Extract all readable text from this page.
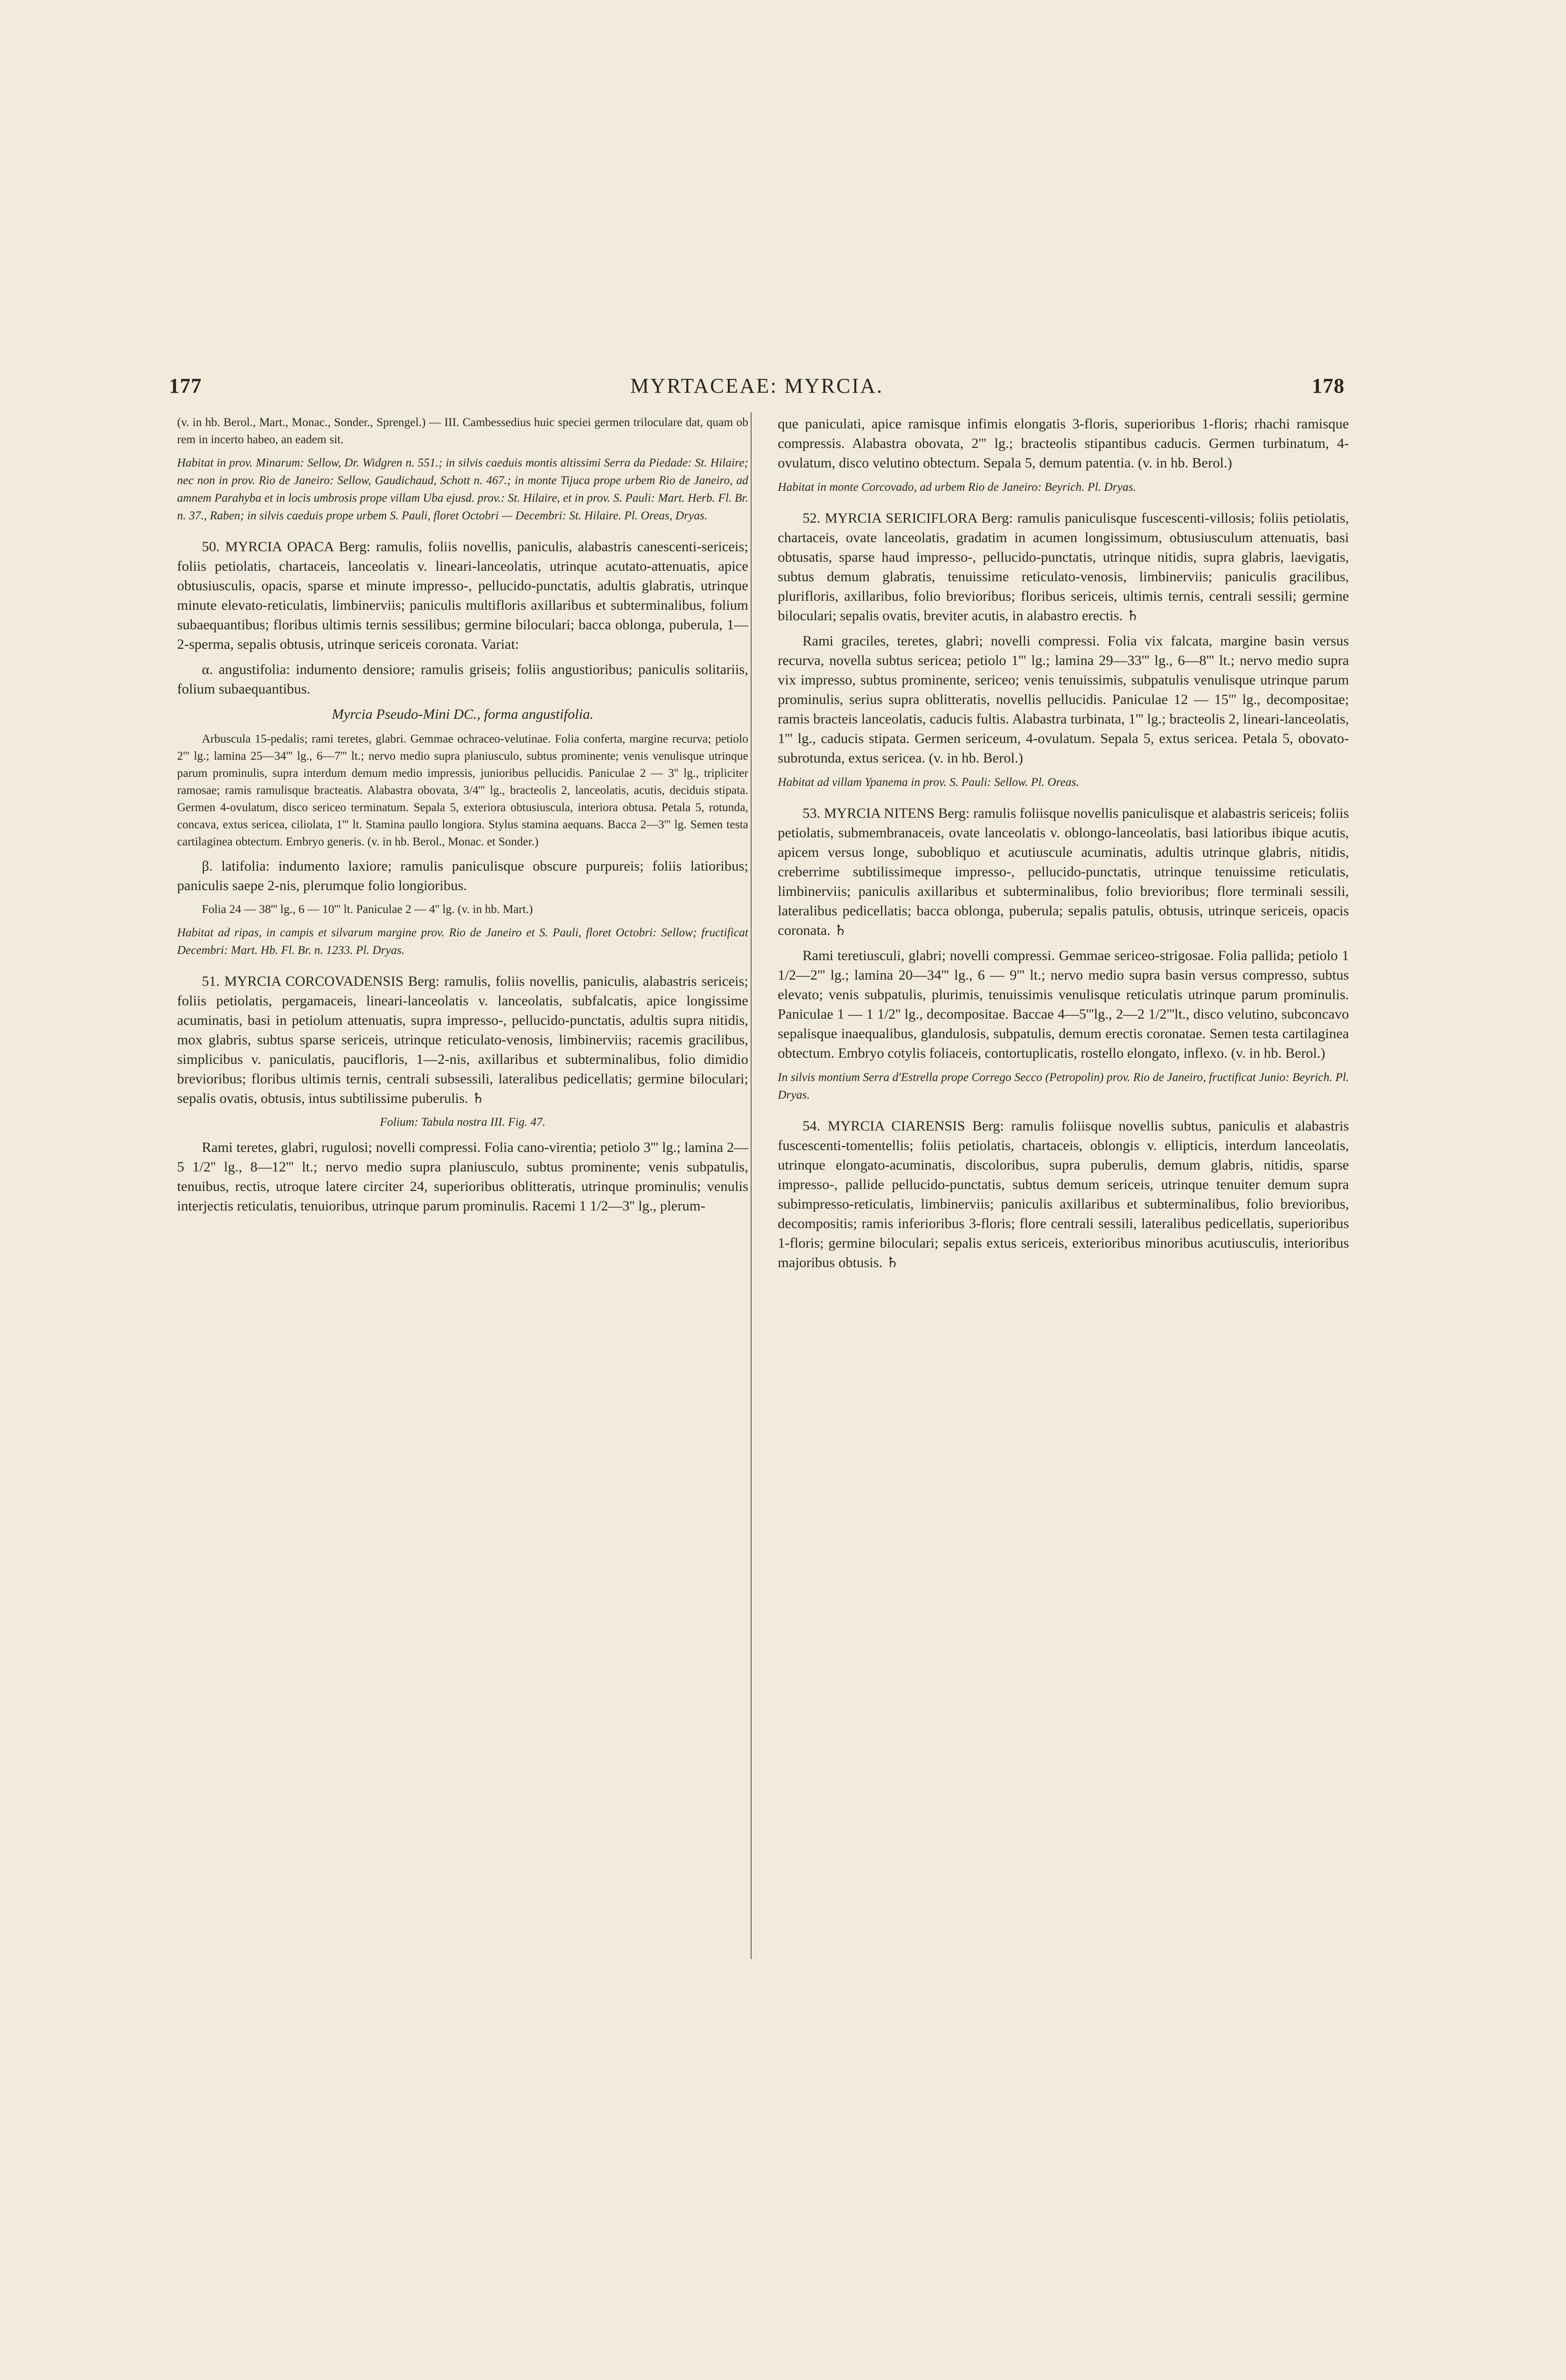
177	MYRTACEAE: MYRCIA.	178

(v. in hb. Berol., Mart., Monac., Sonder., Sprengel.) — III. Cambessedius huic speciei germen triloculare dat, quam ob rem in incerto habeo, an eadem sit.

Habitat in prov. Minarum: Sellow, Dr. Widgren n. 551.; in silvis caeduis montis altissimi Serra da Piedade: St. Hilaire; nec non in prov. Rio de Janeiro: Sellow, Gaudichaud, Schott n. 467.; in monte Tijuca prope urbem Rio de Janeiro, ad amnem Parahyba et in locis umbrosis prope villam Uba ejusd. prov.: St. Hilaire, et in prov. S. Pauli: Mart. Herb. Fl. Br. n. 37., Raben; in silvis caeduis prope urbem S. Pauli, floret Octobri — Decembri: St. Hilaire. Pl. Oreas, Dryas.

50. MYRCIA OPACA Berg: ramulis, foliis novellis, paniculis, alabastris canescenti-sericeis; foliis petiolatis, chartaceis, lanceolatis v. lineari-lanceolatis, utrinque acutato-attenuatis, apice obtusiusculis, opacis, sparse et minute impresso-, pellucido-punctatis, adultis glabratis, utrinque minute elevato-reticulatis, limbinerviis; paniculis multifloris axillaribus et subterminalibus, folium subaequantibus; floribus ultimis ternis sessilibus; germine biloculari; bacca oblonga, puberula, 1—2-sperma, sepalis obtusis, utrinque sericeis coronata. Variat:

α. angustifolia: indumento densiore; ramulis griseis; foliis angustioribus; paniculis solitariis, folium subaequantibus.

Myrcia Pseudo-Mini DC., forma angustifolia.

Arbuscula 15-pedalis; rami teretes, glabri. Gemmae ochraceo-velutinae. Folia conferta, margine recurva; petiolo 2''' lg.; lamina 25—34''' lg., 6—7''' lt.; nervo medio supra planiusculo, subtus prominente; venis venulisque utrinque parum prominulis, supra interdum demum medio impressis, junioribus pellucidis. Paniculae 2 — 3'' lg., tripliciter ramosae; ramis ramulisque bracteatis. Alabastra obovata, 3/4''' lg., bracteolis 2, lanceolatis, acutis, deciduis stipata. Germen 4-ovulatum, disco sericeo terminatum. Sepala 5, exteriora obtusiuscula, interiora obtusa. Petala 5, rotunda, concava, extus sericea, ciliolata, 1''' lt. Stamina paullo longiora. Stylus stamina aequans. Bacca 2—3''' lg. Semen testa cartilaginea obtectum. Embryo generis. (v. in hb. Berol., Monac. et Sonder.)

β. latifolia: indumento laxiore; ramulis paniculisque obscure purpureis; foliis latioribus; paniculis saepe 2-nis, plerumque folio longioribus.

Folia 24 — 38''' lg., 6 — 10''' lt. Paniculae 2 — 4'' lg. (v. in hb. Mart.)

Habitat ad ripas, in campis et silvarum margine prov. Rio de Janeiro et S. Pauli, floret Octobri: Sellow; fructificat Decembri: Mart. Hb. Fl. Br. n. 1233. Pl. Dryas.

51. MYRCIA CORCOVADENSIS Berg: ramulis, foliis novellis, paniculis, alabastris sericeis; foliis petiolatis, pergamaceis, lineari-lanceolatis v. lanceolatis, subfalcatis, apice longissime acuminatis, basi in petiolum attenuatis, supra impresso-, pellucido-punctatis, adultis supra nitidis, mox glabris, subtus sparse sericeis, utrinque reticulato-venosis, limbinerviis; racemis gracilibus, simplicibus v. paniculatis, paucifloris, 1—2-nis, axillaribus et subterminalibus, folio dimidio brevioribus; floribus ultimis ternis, centrali subsessili, lateralibus pedicellatis; germine biloculari; sepalis ovatis, obtusis, intus subtilissime puberulis. ♄

Folium: Tabula nostra III. Fig. 47.

Rami teretes, glabri, rugulosi; novelli compressi. Folia cano-virentia; petiolo 3''' lg.; lamina 2—5 1/2'' lg., 8—12''' lt.; nervo medio supra planiusculo, subtus prominente; venis subpatulis, tenuibus, rectis, utroque latere circiter 24, superioribus oblitteratis, utrinque prominulis; venulis interjectis reticulatis, tenuioribus, utrinque parum prominulis. Racemi 1 1/2—3'' lg., plerum-

que paniculati, apice ramisque infimis elongatis 3-floris, superioribus 1-floris; rhachi ramisque compressis. Alabastra obovata, 2''' lg.; bracteolis stipantibus caducis. Germen turbinatum, 4-ovulatum, disco velutino obtectum. Sepala 5, demum patentia. (v. in hb. Berol.)

Habitat in monte Corcovado, ad urbem Rio de Janeiro: Beyrich. Pl. Dryas.

52. MYRCIA SERICIFLORA Berg: ramulis paniculisque fuscescenti-villosis; foliis petiolatis, chartaceis, ovate lanceolatis, gradatim in acumen longissimum, obtusiusculum attenuatis, basi obtusatis, sparse haud impresso-, pellucido-punctatis, utrinque nitidis, supra glabris, laevigatis, subtus demum glabratis, tenuissime reticulato-venosis, limbinerviis; paniculis gracilibus, plurifloris, axillaribus, folio brevioribus; floribus sericeis, ultimis ternis, centrali sessili; germine biloculari; sepalis ovatis, breviter acutis, in alabastro erectis. ♄

Rami graciles, teretes, glabri; novelli compressi. Folia vix falcata, margine basin versus recurva, novella subtus sericea; petiolo 1''' lg.; lamina 29—33''' lg., 6—8''' lt.; nervo medio supra vix impresso, subtus prominente, sericeo; venis tenuissimis, subpatulis venulisque utrinque parum prominulis, serius supra oblitteratis, novellis pellucidis. Paniculae 12 — 15''' lg., decompositae; ramis bracteis lanceolatis, caducis fultis. Alabastra turbinata, 1''' lg.; bracteolis 2, lineari-lanceolatis, 1''' lg., caducis stipata. Germen sericeum, 4-ovulatum. Sepala 5, extus sericea. Petala 5, obovato-subrotunda, extus sericea. (v. in hb. Berol.)

Habitat ad villam Ypanema in prov. S. Pauli: Sellow. Pl. Oreas.

53. MYRCIA NITENS Berg: ramulis foliisque novellis paniculisque et alabastris sericeis; foliis petiolatis, submembranaceis, ovate lanceolatis v. oblongo-lanceolatis, basi latioribus ibique acutis, apicem versus longe, subobliquo et acutiuscule acuminatis, adultis utrinque glabris, nitidis, creberrime subtilissimeque impresso-, pellucido-punctatis, utrinque tenuissime reticulatis, limbinerviis; paniculis axillaribus et subterminalibus, folio brevioribus; flore terminali sessili, lateralibus pedicellatis; bacca oblonga, puberula; sepalis patulis, obtusis, utrinque sericeis, opacis coronata. ♄

Rami teretiusculi, glabri; novelli compressi. Gemmae sericeo-strigosae. Folia pallida; petiolo 1 1/2—2''' lg.; lamina 20—34''' lg., 6 — 9''' lt.; nervo medio supra basin versus compresso, subtus elevato; venis subpatulis, plurimis, tenuissimis venulisque reticulatis utrinque parum prominulis. Paniculae 1 — 1 1/2'' lg., decompositae. Baccae 4—5'''lg., 2—2 1/2'''lt., disco velutino, subconcavo sepalisque inaequalibus, glandulosis, subpatulis, demum erectis coronatae. Semen testa cartilaginea obtectum. Embryo cotylis foliaceis, contortuplicatis, rostello elongato, inflexo. (v. in hb. Berol.)

In silvis montium Serra d'Estrella prope Corrego Secco (Petropolin) prov. Rio de Janeiro, fructificat Junio: Beyrich. Pl. Dryas.

54. MYRCIA CIARENSIS Berg: ramulis foliisque novellis subtus, paniculis et alabastris fuscescenti-tomentellis; foliis petiolatis, chartaceis, oblongis v. ellipticis, interdum lanceolatis, utrinque elongato-acuminatis, discoloribus, supra puberulis, demum glabris, nitidis, sparse impresso-, pallide pellucido-punctatis, subtus demum sericeis, utrinque tenuiter demum supra subimpresso-reticulatis, limbinerviis; paniculis axillaribus et subterminalibus, folio brevioribus, decompositis; ramis inferioribus 3-floris; flore centrali sessili, lateralibus pedicellatis, superioribus 1-floris; germine biloculari; sepalis extus sericeis, exterioribus minoribus acutiusculis, interioribus majoribus obtusis. ♄
